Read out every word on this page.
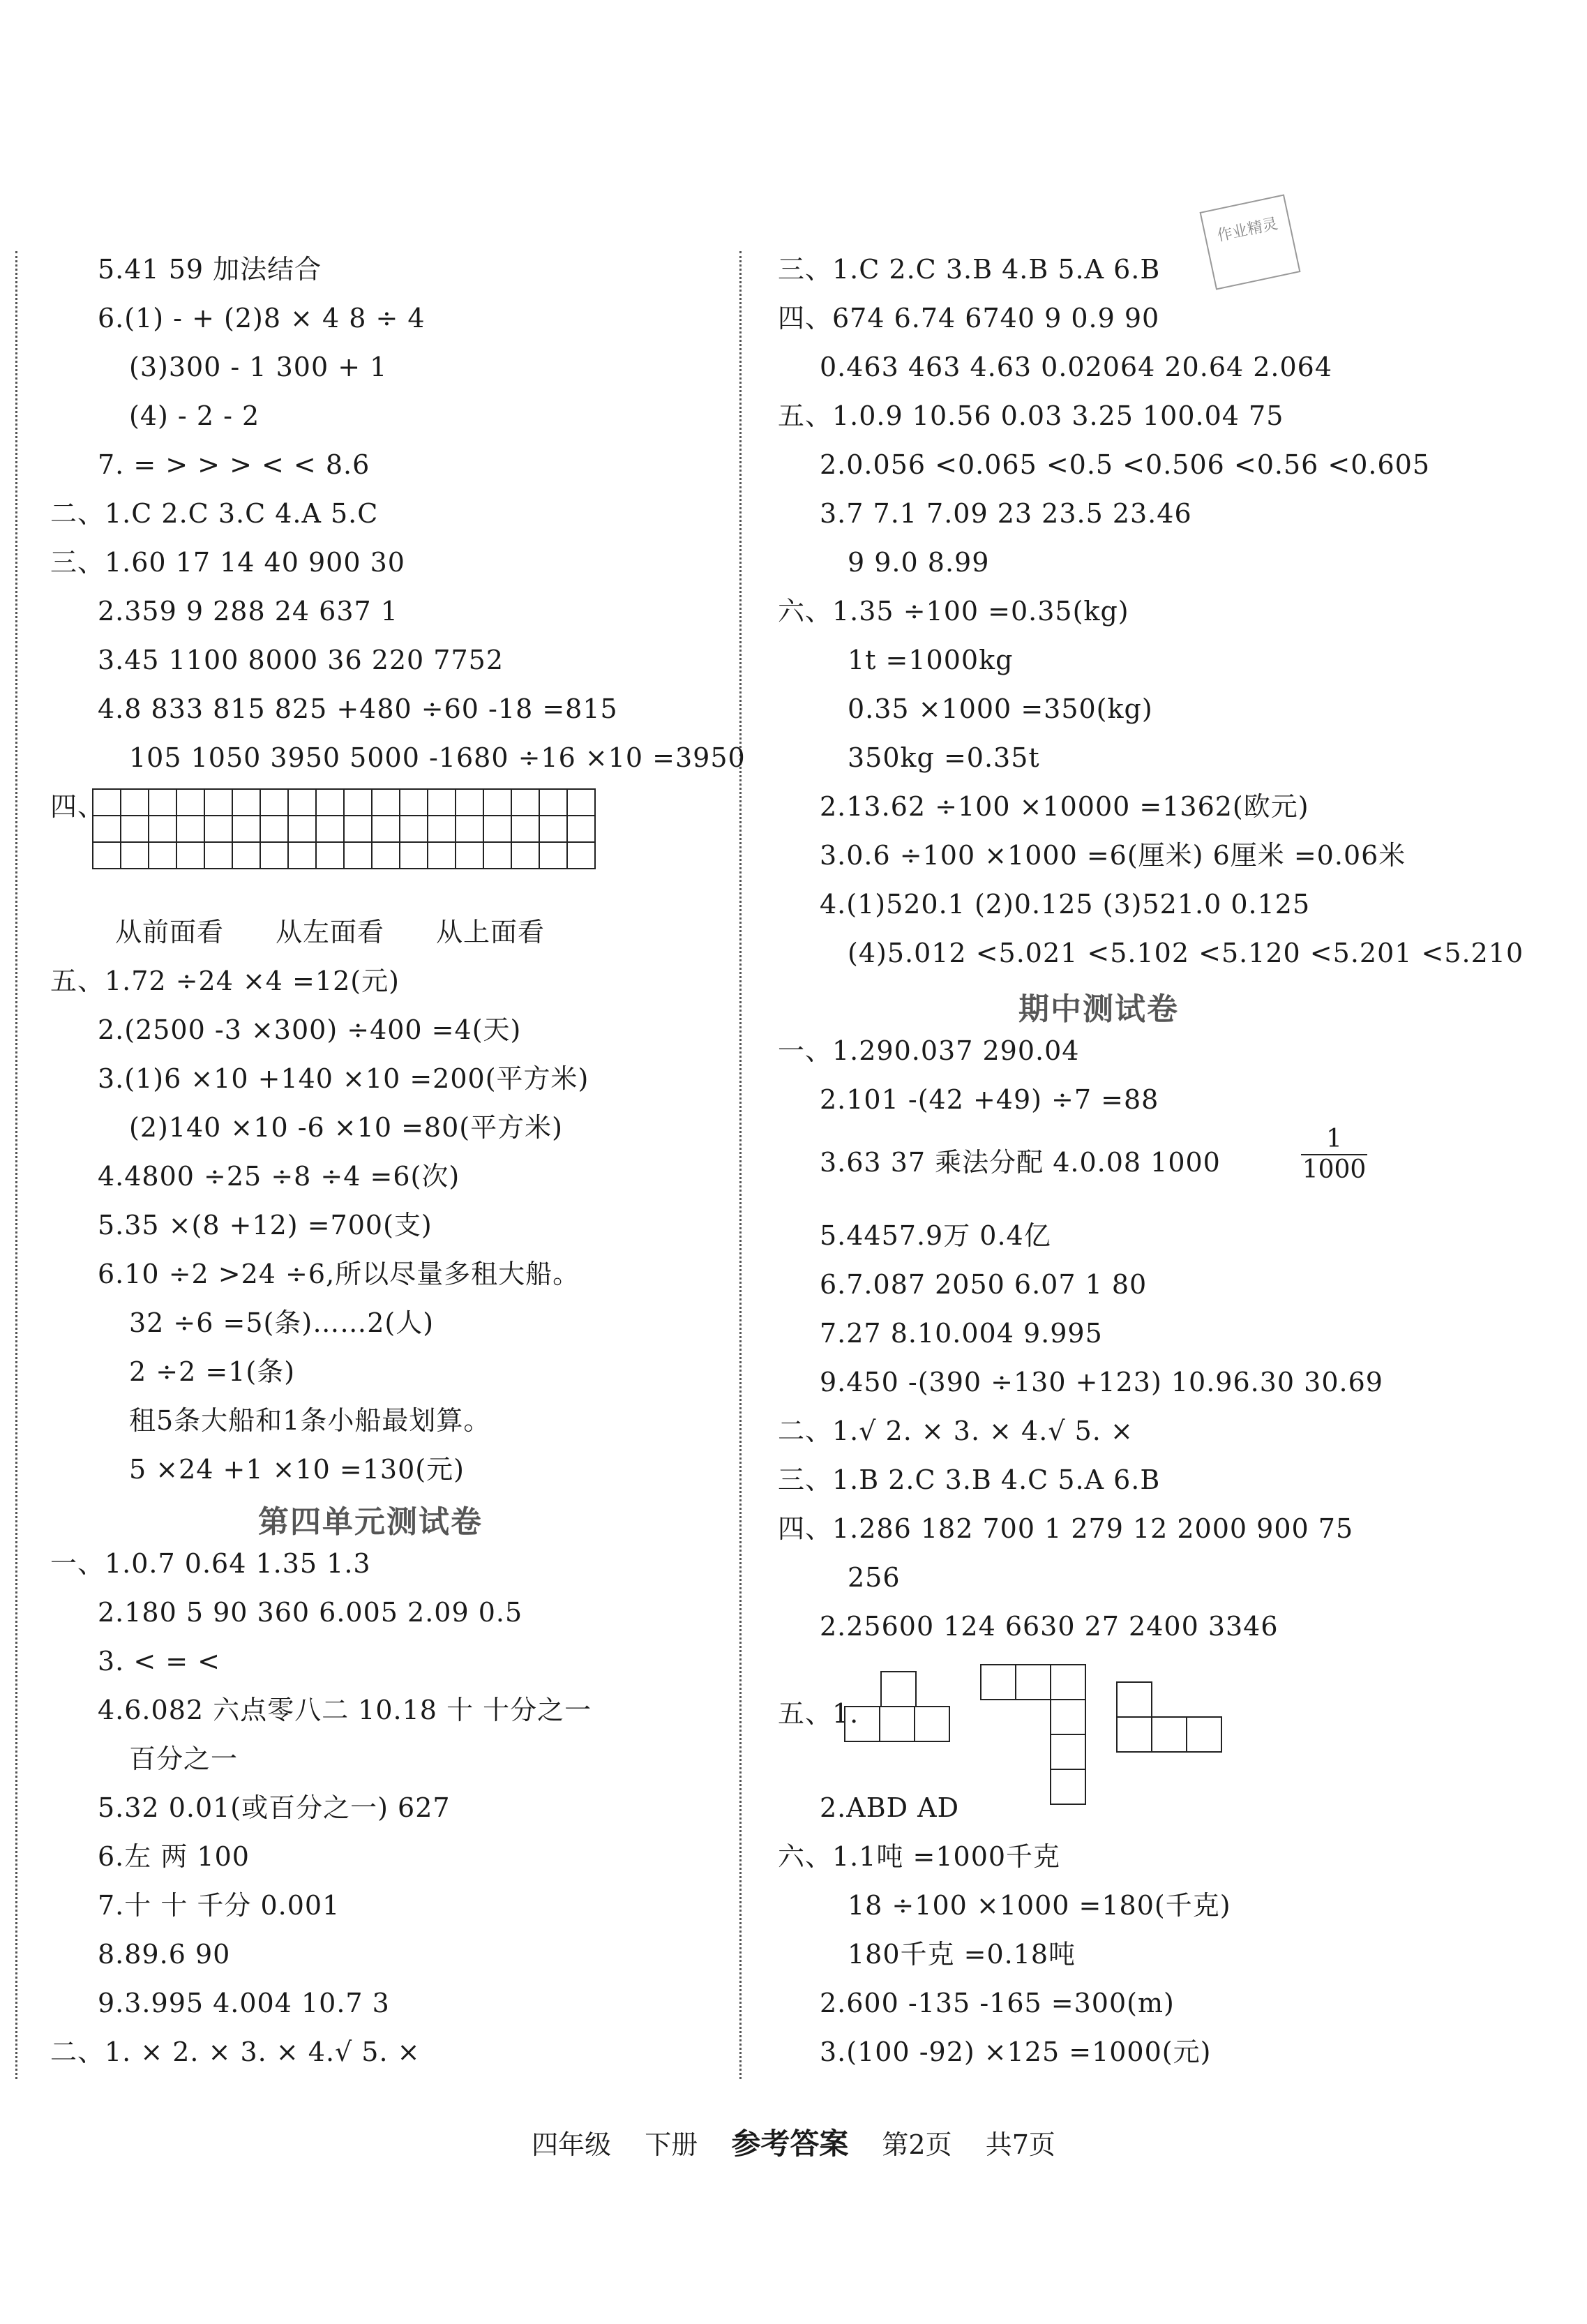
作业精灵
5.41 59 加法结合
6.(1) - + (2)8 × 4 8 ÷ 4
(3)300 - 1 300 + 1
(4) - 2 - 2
7. = > > > < < 8.6
二、1.C 2.C 3.C 4.A 5.C
三、1.60 17 14 40 900 30
2.359 9 288 24 637 1
3.45 1100 8000 36 220 7752
4.8 833 815 825 +480 ÷60 -18 =815
105 1050 3950 5000 -1680 ÷16 ×10 =3950
四、

从前面看 从左面看 从上面看
五、1.72 ÷24 ×4 =12(元)
2.(2500 -3 ×300) ÷400 =4(天)
3.(1)6 ×10 +140 ×10 =200(平方米)
(2)140 ×10 -6 ×10 =80(平方米)
4.4800 ÷25 ÷8 ÷4 =6(次)
5.35 ×(8 +12) =700(支)
6.10 ÷2 >24 ÷6,所以尽量多租大船。
32 ÷6 =5(条)……2(人)
2 ÷2 =1(条)
租5条大船和1条小船最划算。
5 ×24 +1 ×10 =130(元)
第四单元测试卷
一、1.0.7 0.64 1.35 1.3
2.180 5 90 360 6.005 2.09 0.5
3. < = <
4.6.082 六点零八二 10.18 十 十分之一
百分之一
5.32 0.01(或百分之一) 627
6.左 两 100
7.十 十 千分 0.001
8.89.6 90
9.3.995 4.004 10.7 3
二、1. × 2. × 3. × 4.√ 5. ×
三、1.C 2.C 3.B 4.B 5.A 6.B
四、674 6.74 6740 9 0.9 90
0.463 463 4.63 0.02064 20.64 2.064
五、1.0.9 10.56 0.03 3.25 100.04 75
2.0.056 <0.065 <0.5 <0.506 <0.56 <0.605
3.7 7.1 7.09 23 23.5 23.46
9 9.0 8.99
六、1.35 ÷100 =0.35(kg)
1t =1000kg
0.35 ×1000 =350(kg)
350kg =0.35t
2.13.62 ÷100 ×10000 =1362(欧元)
3.0.6 ÷100 ×1000 =6(厘米) 6厘米 =0.06米
4.(1)520.1 (2)0.125 (3)521.0 0.125
(4)5.012 <5.021 <5.102 <5.120 <5.201 <5.210
期中测试卷
一、1.290.037 290.04
2.101 -(42 +49) ÷7 =88
3.63 37 乘法分配 4.0.08 1000	$\frac{1}{1000}$
5.4457.9万 0.4亿
6.7.087 2050 6.07 1 80
7.27 8.10.004 9.995
9.450 -(390 ÷130 +123) 10.96.30 30.69
二、1.√ 2. × 3. × 4.√ 5. ×
三、1.B 2.C 3.B 4.C 5.A 6.B
四、1.286 182 700 1 279 12 2000 900 75
256
2.25600 124 6630 27 2400 3346
五、1.
2.ABD AD
六、1.1吨 =1000千克
18 ÷100 ×1000 =180(千克)
180千克 =0.18吨
2.600 -135 -165 =300(m)
3.(100 -92) ×125 =1000(元)
四年级 下册 参考答案 第2页 共7页
